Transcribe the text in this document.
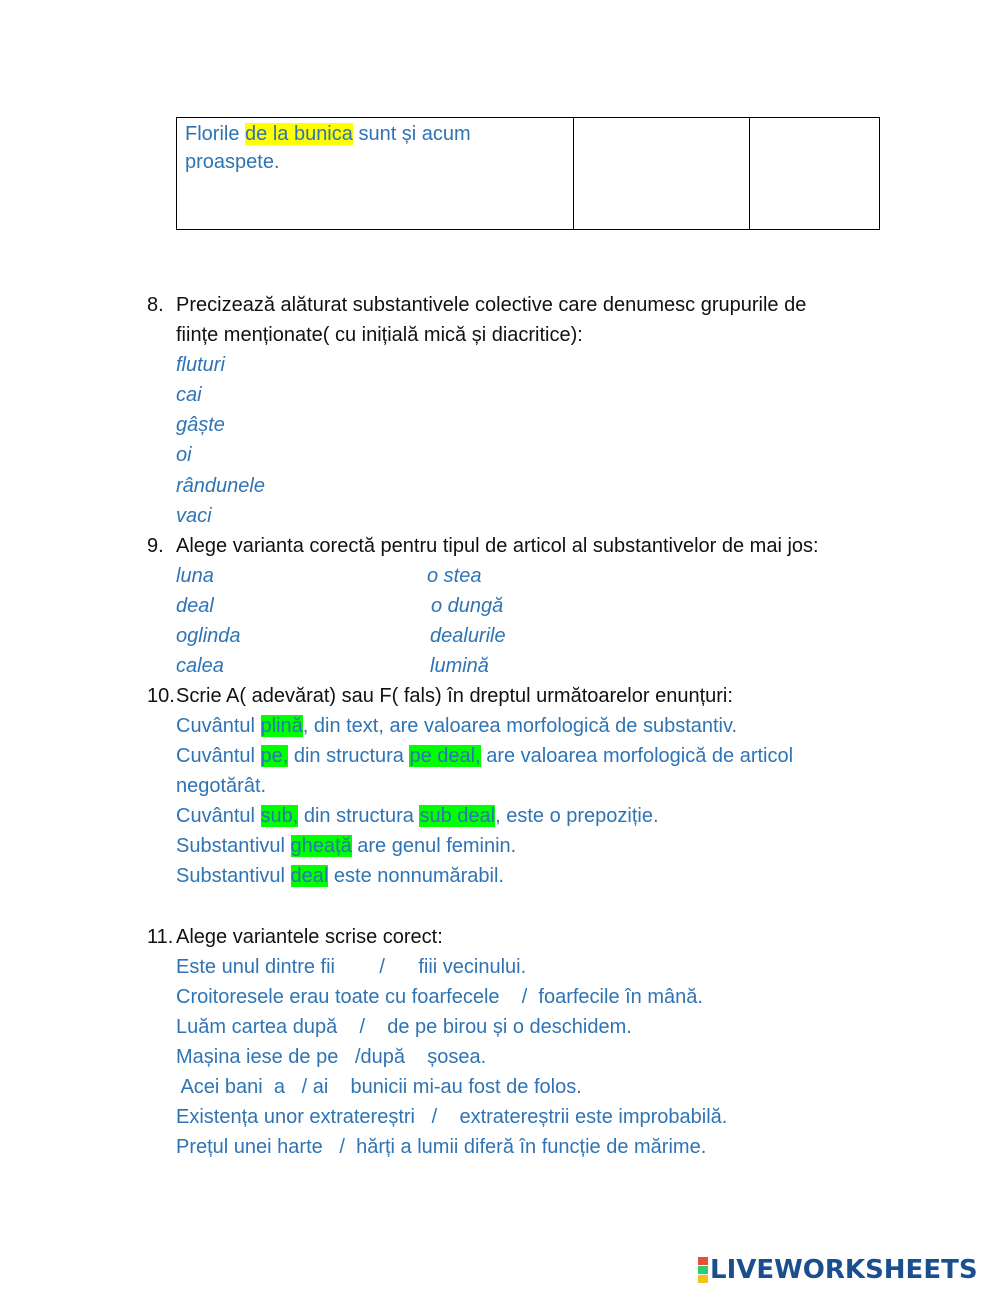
Florile de la bunica sunt și acum
proaspete.		
8. Precizează alăturat substantivele colective care denumesc grupurile de
ființe menționate( cu inițială mică și diacritice):
fluturi
cai
gâște
oi
rândunele
vaci
9. Alege varianta corectă pentru tipul de articol al substantivelor de mai jos:
luna	o stea
deal	o dungă
oglinda	dealurile
calea	lumină
10. Scrie A( adevărat) sau F( fals) în dreptul următoarelor enunțuri:
Cuvântul plină, din text, are valoarea morfologică de substantiv.
Cuvântul pe, din structura pe deal, are valoarea morfologică de articol
negotărât.
Cuvântul sub, din structura sub deal, este o prepoziție.
Substantivul gheață are genul feminin.
Substantivul deal este nonnumărabil.
11. Alege variantele scrise corect:
Este unul dintre fii        /      fiii vecinului.
Croitoresele erau toate cu foarfecele    /  foarfecile în mână.
Luăm cartea după    /    de pe birou și o deschidem.
Mașina iese de pe   /după    șosea.
Acei bani  a   / ai    bunicii mi-au fost de folos.
Existența unor extratereștri   /    extratereștrii este improbabilă.
Prețul unei harte   /  hărți a lumii diferă în funcție de mărime.
LIVEWORKSHEETS
